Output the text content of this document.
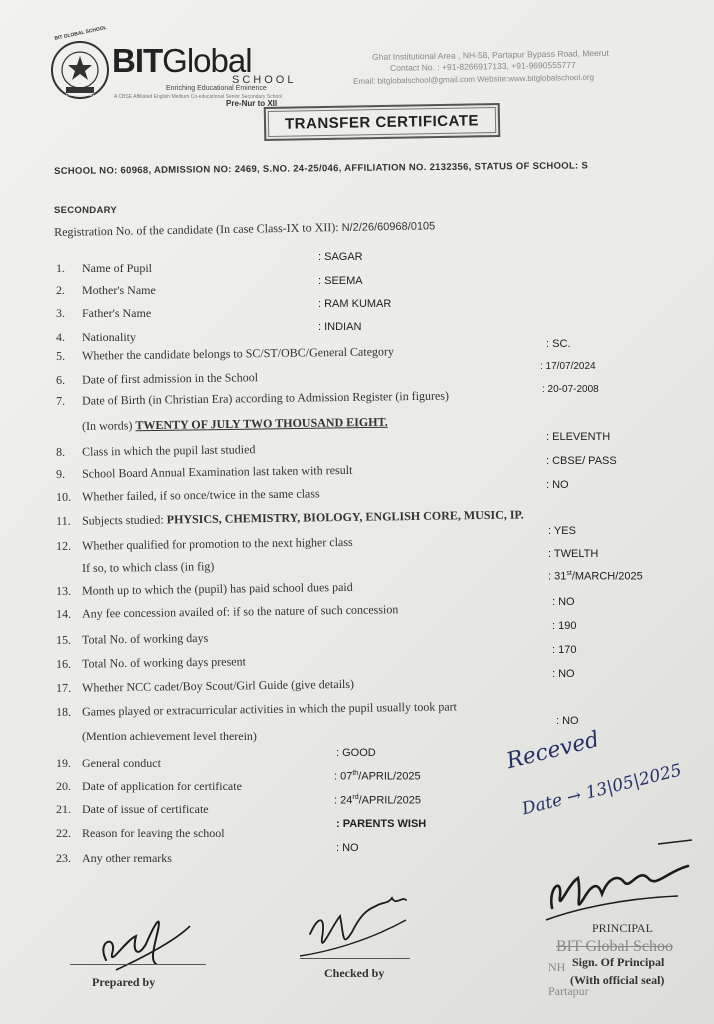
BIT GLOBAL SCHOOL
Learn to Lead
BITGlobal
SCHOOL
Enriching Educational Eminence
A CBSE Affiliated English Medium Co-educational Senior Secondary School
Pre-Nur to XII
Ghat Institutional Area , NH-58, Partapur Bypass Road, Meerut
Contact No. : +91-8266917133, +91-9690555777
Email: bitglobalschool@gmail.com Website:www.bitglobalschool.org
TRANSFER CERTIFICATE
SCHOOL NO: 60968, ADMISSION NO: 2469, S.NO. 24-25/046, AFFILIATION NO. 2132356, STATUS OF SCHOOL: S
SECONDARY
Registration No. of the candidate (In case Class-IX to XII): N/2/26/60968/0105
1. Name of Pupil
: SAGAR
2. Mother's Name
: SEEMA
3. Father's Name
: RAM KUMAR
4. Nationality
: INDIAN
5. Whether the candidate belongs to SC/ST/OBC/General Category
: SC.
6. Date of first admission in the School
: 17/07/2024
7. Date of Birth (in Christian Era) according to Admission Register (in figures)	: 20-07-2008
(In words) TWENTY OF JULY TWO THOUSAND EIGHT.
8. Class in which the pupil last studied
: ELEVENTH
9. School Board Annual Examination last taken with result
: CBSE/ PASS
10. Whether failed, if so once/twice in the same class
: NO
11. Subjects studied: PHYSICS, CHEMISTRY, BIOLOGY, ENGLISH CORE, MUSIC, IP.
12. Whether qualified for promotion to the next higher class
: YES
If so, to which class (in fig)
: TWELTH
13. Month up to which the (pupil) has paid school dues paid
: 31st/MARCH/2025
14. Any fee concession availed of: if so the nature of such concession
: NO
15. Total No. of working days
: 190
16. Total No. of working days present
: 170
17. Whether NCC cadet/Boy Scout/Girl Guide (give details)
: NO
18. Games played or extracurricular activities in which the pupil usually took part
: NO
(Mention achievement level therein)
19. General conduct
: GOOD
20. Date of application for certificate
: 07th/APRIL/2025
21. Date of issue of certificate
: 24rd/APRIL/2025
22. Reason for leaving the school
: PARENTS WISH
23. Any other remarks
: NO
Receved
Date → 13|05|2025
PRINCIPAL
BIT Global Schoo
NH
Partapur
Sign. Of Principal
(With official seal)
Prepared by
Checked by
